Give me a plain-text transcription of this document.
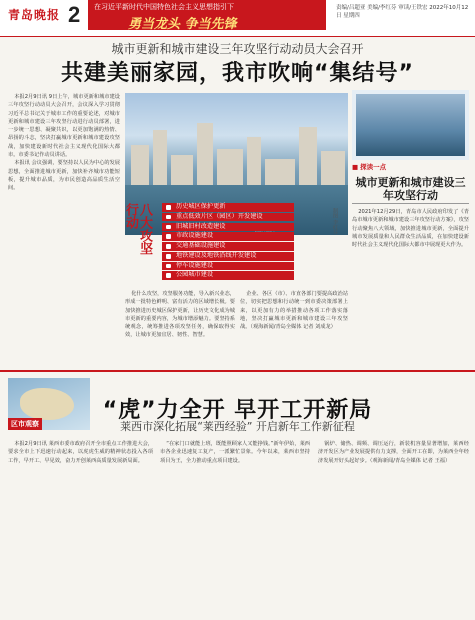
青岛晚报 2 在习近平新时代中国特色社会主义思想指引下
勇当龙头 争当先锋
责编/吕超亚 美编/李红芬 审读/王铁宏 2022年10月12日 星期四
城市更新和城市建设三年攻坚行动动员大会召开
共建美丽家园，我市吹响“集结号”

本报2月9日讯 9日上午，城市更新和城市建设三年攻坚行动动员大会召开，会议深入学习贯彻习近平总书记关于城市工作的重要论述，对城市更新和城市建设三年攻坚行动进行动员部署，进一步统一思想、凝聚共识，以更加饱满的热情、昂扬的斗志，坚决打赢城市更新和城市建设攻坚战，加快建设新时代社会主义现代化国际大都市。市委书记作动员讲话。

本报讯 会议强调，要坚持以人民为中心的发展思想，全面推进城市更新，加快补齐城市功能短板，提升城市品质，为市民创造高品质生活空间。

八大攻坚行动	历史城区保护更新
重点低效片区（园区）开发建设
旧城旧村改造建设
市政设施建设
交通基础设施建设
地铁建设及地铁沿线开发建设
停车设施建设
公园城市建设
制图 李红芬

化什么攻坚，攻坚服务功能，导入新兴业态，形成一批特色鲜明、富有活力的区域增长极。要加快推进历史城区保护更新，让历史文化成为城市更新的重要内容，为城市增添魅力。要坚持系统观念，统筹推进各项攻坚任务，确保取得实效，让城市更加宜居、韧性、智慧。

企业、各区（市）、市直各部门要提高政治站位，切实把思想和行动统一到市委决策部署上来，以更加有力的举措推动各项工作落实落地，坚决打赢城市更新和城市建设三年攻坚战。（观海新闻/青岛全媒体 记者 刘成龙）

■ 探读一点
城市更新和城市建设三年攻坚行动

2021年12月29日，青岛市人民政府印发了《青岛市城市更新和城市建设三年攻坚行动方案》，攻坚行动聚焦八大领域，加快推进城市更新，全面提升城市发展质量和人民群众生活品质，在加快建设新时代社会主义现代化国际大都市中展现更大作为。

区市观察
“虎”力全开 早开工开新局
莱西市深化拓展“莱西经验” 开启新年工作新征程

本报2月9日讯 莱西市委市政府召开全市重点工作推进大会，要求全市上下迅速行动起来，以虎虎生威的精神状态投入各项工作，早开工、早见效，奋力开创莱西高质量发展新局面。

“在家门口就能上班，既能照顾家人又能挣钱。”新年伊始，莱西市各企业迅速复工复产，一派繁忙景象。今年以来，莱西市坚持项目为王，全力推动重点项目建设。

锅炉、储热、调频、调压运行，新装机容量显著增加，莱西经济开发区为产业发展提供有力支撑，全面开工在即，为莱西全年经济发展开好头起好步。（观海新闻/青岛全媒体 记者 王福）
